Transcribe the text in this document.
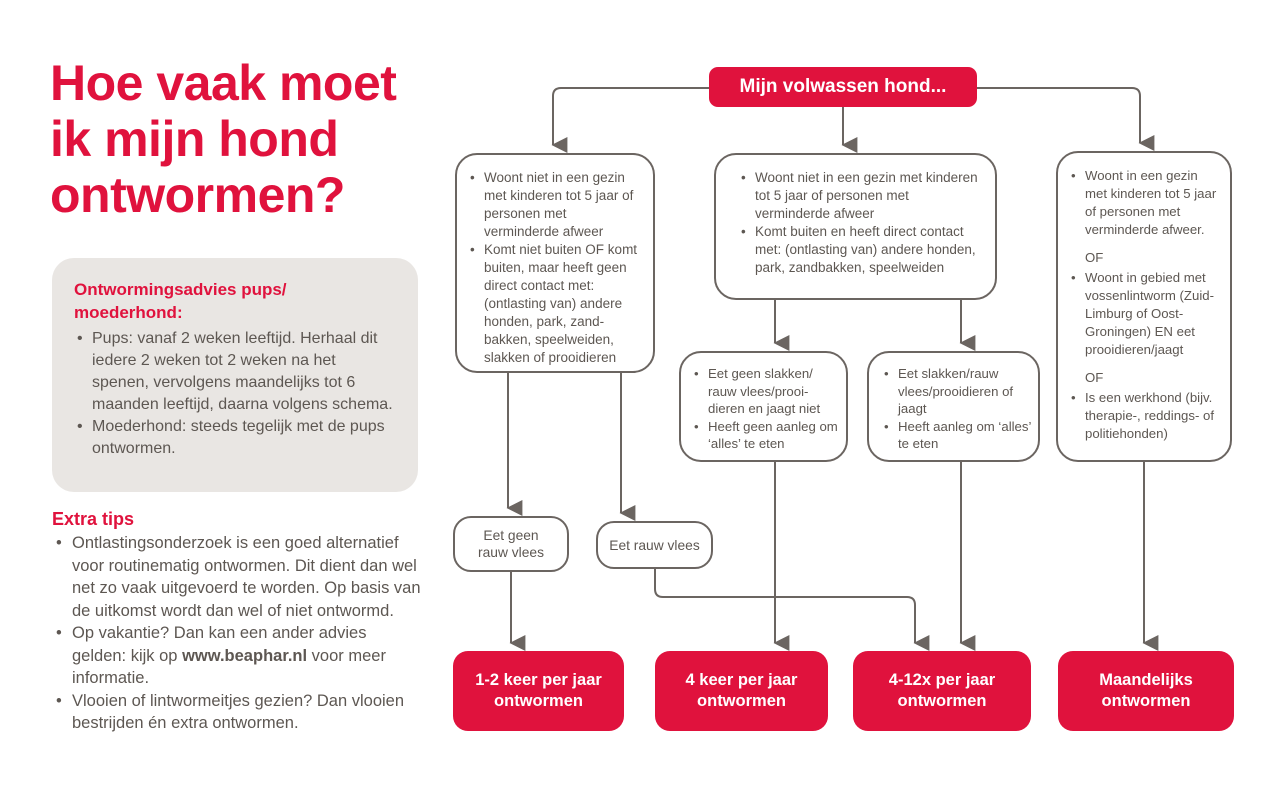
Hoe vaak moet
ik mijn hond
ontwormen?
Ontwormingsadvies pups/
moederhond:
• Pups: vanaf 2 weken leeftijd. Herhaal dit iedere 2 weken tot 2 weken na het spenen, vervolgens maandelijks tot 6 maanden leeftijd, daarna volgens schema.
• Moederhond: steeds tegelijk met de pups ontwormen.
Extra tips
• Ontlastingsonderzoek is een goed alternatief voor routinematig ontwormen. Dit dient dan wel net zo vaak uitgevoerd te worden. Op basis van de uitkomst wordt dan wel of niet ontwormd.
• Op vakantie? Dan kan een ander advies gelden: kijk op www.beaphar.nl voor meer informatie.
• Vlooien of lintwormeitjes gezien? Dan vlooien bestrijden én extra ontwormen.
Mijn volwassen hond...
• Woont niet in een gezin met kinderen tot 5 jaar of personen met verminderde afweer
• Komt niet buiten OF komt buiten, maar heeft geen direct contact met: (ontlasting van) andere honden, park, zand-bakken, speelweiden, slakken of prooidieren
• Woont niet in een gezin met kinderen tot 5 jaar of personen met verminderde afweer
• Komt buiten en heeft direct contact met: (ontlasting van) andere honden, park, zandbakken, speelweiden
• Woont in een gezin met kinderen tot 5 jaar of personen met verminderde afweer.
OF
• Woont in gebied met vossenlintworm (Zuid-Limburg of Oost-Groningen) EN eet prooidieren/​jaagt
OF
• Is een werkhond (bijv. therapie-, reddings- of politiehonden)
• Eet geen slakken/​rauw vlees/​prooi-dieren en jaagt niet
• Heeft geen aanleg om ‘alles’ te eten
• Eet slakken/​rauw vlees/​prooidieren of jaagt
• Heeft aanleg om ‘alles’ te eten
Eet geen rauw vlees	Eet rauw vlees
1-2 keer per jaar
ontwormen
4 keer per jaar
ontwormen
4-12x per jaar
ontwormen
Maandelijks
ontwormen
